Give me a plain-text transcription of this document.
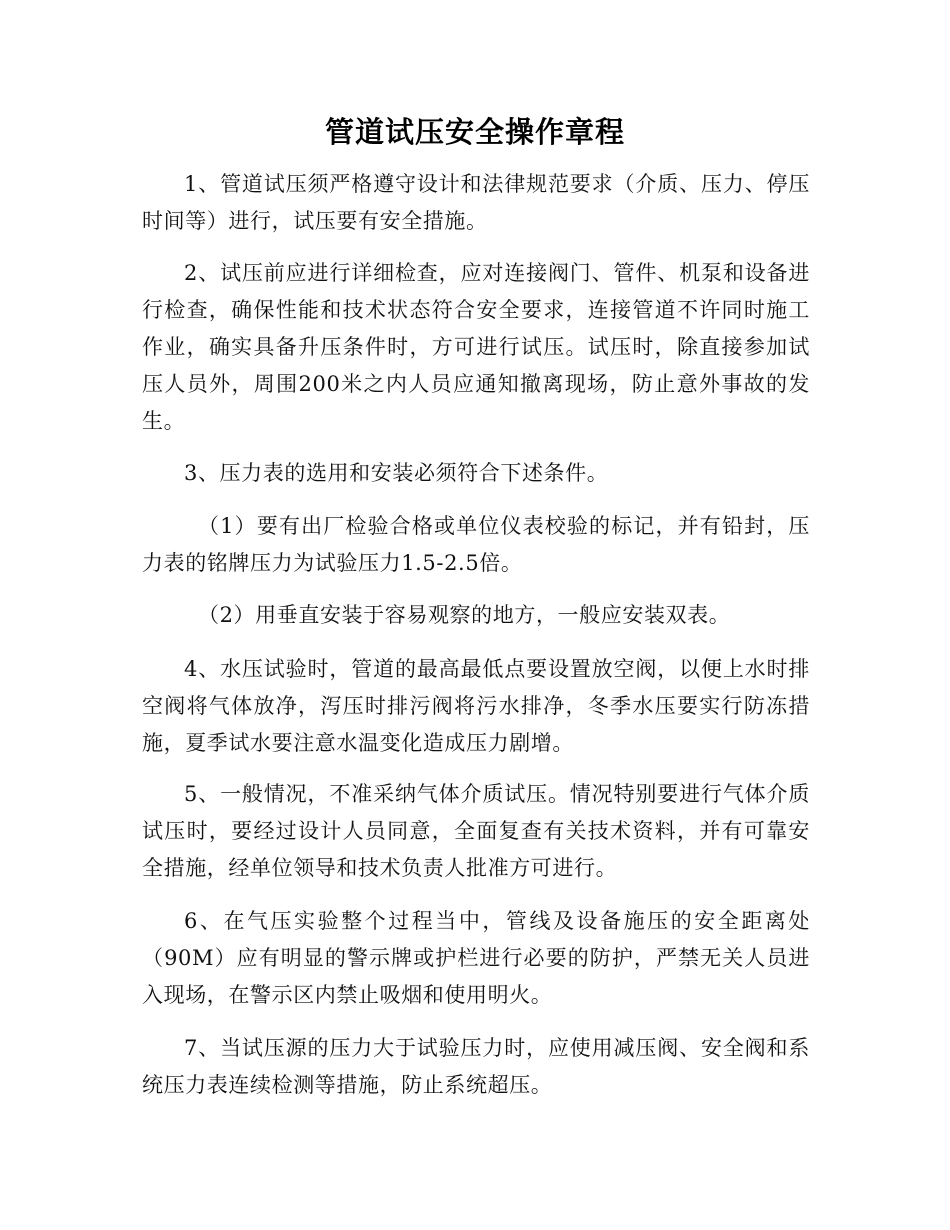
管道试压安全操作章程

1、管道试压须严格遵守设计和法律规范要求（介质、压力、停压时间等）进行，试压要有安全措施。

2、试压前应进行详细检查，应对连接阀门、管件、机泵和设备进行检查，确保性能和技术状态符合安全要求，连接管道不许同时施工作业，确实具备升压条件时，方可进行试压。试压时，除直接参加试压人员外，周围200米之内人员应通知撤离现场，防止意外事故的发生。

3、压力表的选用和安装必须符合下述条件。

（1）要有出厂检验合格或单位仪表校验的标记，并有铅封，压力表的铭牌压力为试验压力1.5-2.5倍。

（2）用垂直安装于容易观察的地方，一般应安装双表。

4、水压试验时，管道的最高最低点要设置放空阀，以便上水时排空阀将气体放净，泻压时排污阀将污水排净，冬季水压要实行防冻措施，夏季试水要注意水温变化造成压力剧增。

5、一般情况，不准采纳气体介质试压。情况特别要进行气体介质试压时，要经过设计人员同意，全面复查有关技术资料，并有可靠安全措施，经单位领导和技术负责人批准方可进行。

6、在气压实验整个过程当中，管线及设备施压的安全距离处（90M）应有明显的警示牌或护栏进行必要的防护，严禁无关人员进入现场，在警示区内禁止吸烟和使用明火。

7、当试压源的压力大于试验压力时，应使用减压阀、安全阀和系统压力表连续检测等措施，防止系统超压。
